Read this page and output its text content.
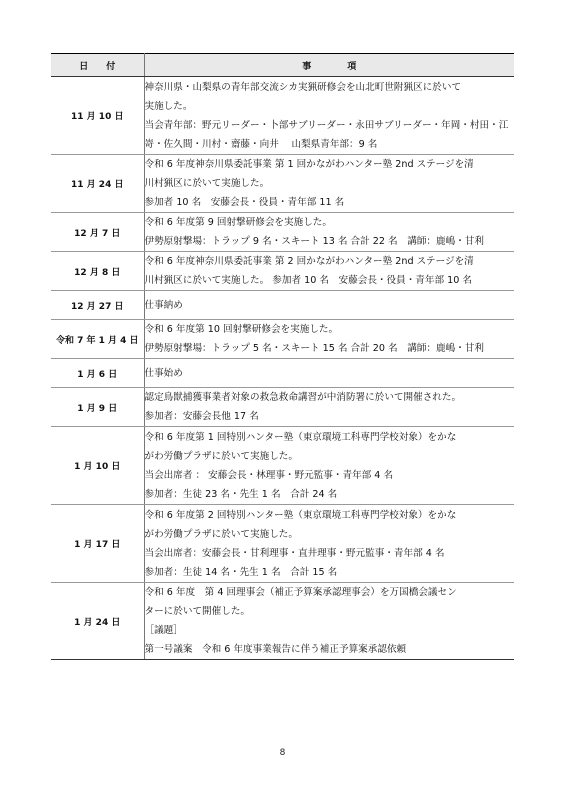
日　　付	事　　　　項
11 月 10 日	神奈川県・山梨県の青年部交流シカ実猟研修会を山北町世附猟区に於いて
実施した。
当会青年部：野元リーダー・卜部サブリーダー・永田サブリーダー・年岡・村田・江
嵜・佐久間・川村・齋藤・向井　 山梨県青年部：9 名

11 月 24 日	令和 6 年度神奈川県委託事業 第 1 回かながわハンター塾 2nd ステージを清
川村猟区に於いて実施した。
参加者 10 名　安藤会長・役員・青年部 11 名

12 月 7 日	令和 6 年度第 9 回射撃研修会を実施した。
伊勢原射撃場：トラップ 9 名・スキート 13 名 合計 22 名　講師：鹿嶋・甘利

12 月 8 日	令和 6 年度神奈川県委託事業 第 2 回かながわハンター塾 2nd ステージを清
川村猟区に於いて実施した。 参加者 10 名　安藤会長・役員・青年部 10 名

12 月 27 日	仕事納め

令和 7 年 1 月 4 日	令和 6 年度第 10 回射撃研修会を実施した。
伊勢原射撃場：トラップ 5 名・スキート 15 名 合計 20 名　講師：鹿嶋・甘利

1 月 6 日	仕事始め

1 月 9 日	認定鳥獣捕獲事業者対象の救急救命講習が中消防署に於いて開催された。
参加者：安藤会長他 17 名

1 月 10 日	令和 6 年度第 1 回特別ハンター塾（東京環境工科専門学校対象）をかな
がわ労働プラザに於いて実施した。
当会出席者 ： 安藤会長・林理事・野元監事・青年部 4 名
参加者：生徒 23 名・先生 1 名　合計 24 名

1 月 17 日	令和 6 年度第 2 回特別ハンター塾（東京環境工科専門学校対象）をかな
がわ労働プラザに於いて実施した。
当会出席者：安藤会長・甘利理事・直井理事・野元監事・青年部 4 名
参加者：生徒 14 名・先生 1 名　合計 15 名

1 月 24 日	令和 6 年度　第 4 回理事会（補正予算案承認理事会）を万国橋会議セン
ターに於いて開催した。
［議題］
第一号議案　令和 6 年度事業報告に伴う補正予算案承認依頼
8
